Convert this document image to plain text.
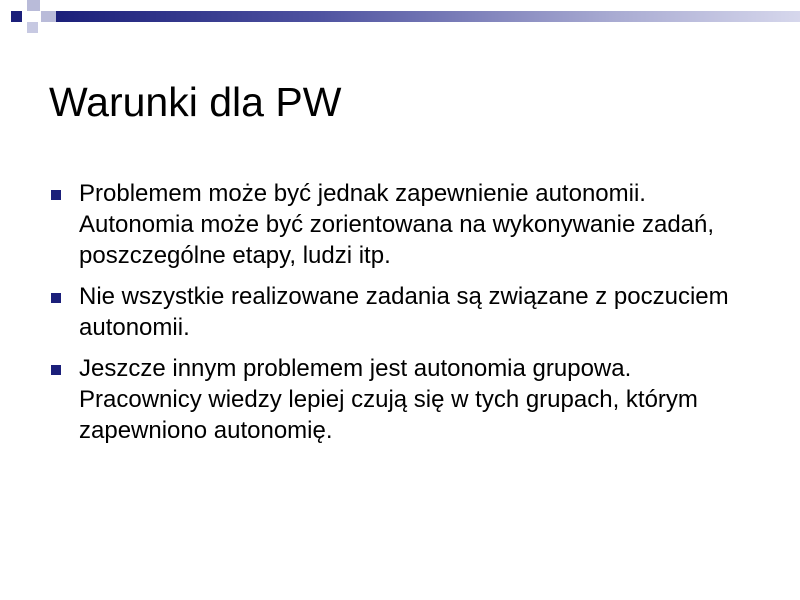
Warunki dla PW
Problemem może być jednak zapewnienie autonomii. Autonomia może być zorientowana na wykonywanie zadań, poszczególne etapy, ludzi itp.
Nie wszystkie realizowane zadania są związane z poczuciem autonomii.
Jeszcze innym problemem jest autonomia grupowa. Pracownicy wiedzy lepiej czują się w tych grupach, którym zapewniono autonomię.
